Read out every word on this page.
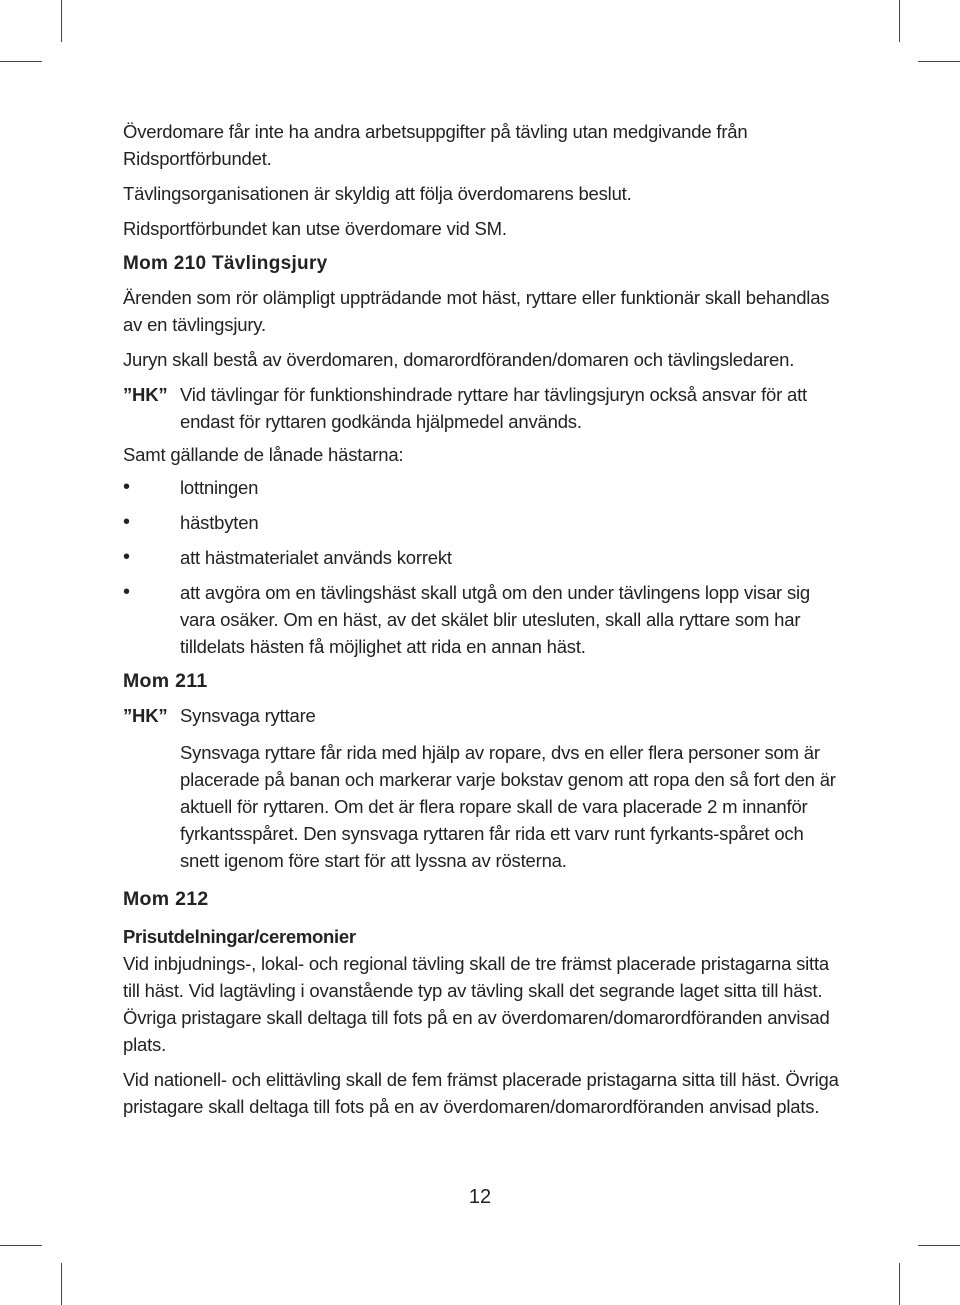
Överdomare får inte ha andra arbetsuppgifter på tävling utan medgivande från Ridsportförbundet.

Tävlingsorganisationen är skyldig att följa överdomarens beslut.

Ridsportförbundet kan utse överdomare vid SM.

Mom 210 Tävlingsjury

Ärenden som rör olämpligt uppträdande mot häst, ryttare eller funktionär skall behandlas av en tävlingsjury.

Juryn skall bestå av överdomaren, domarordföranden/domaren och tävlingsledaren.

”HK” Vid tävlingar för funktionshindrade ryttare har tävlingsjuryn också ansvar för att endast för ryttaren godkända hjälpmedel används.

Samt gällande de lånade hästarna:

•	lottningen
•	hästbyten
•	att hästmaterialet används korrekt
•	att avgöra om en tävlingshäst skall utgå om den under tävlingens lopp visar sig vara osäker. Om en häst, av det skälet blir utesluten, skall alla ryttare som har tilldelats hästen få möjlighet att rida en annan häst.
Mom 211
”HK” Synsvaga ryttare

Synsvaga ryttare får rida med hjälp av ropare, dvs en eller flera personer som är placerade på banan och markerar varje bokstav genom att ropa den så fort den är aktuell för ryttaren. Om det är flera ropare skall de vara placerade 2 m innanför fyrkantsspåret. Den synsvaga ryttaren får rida ett varv runt fyrkants-spåret och snett igenom före start för att lyssna av rösterna.

Mom 212
Prisutdelningar/ceremonier

Vid inbjudnings-, lokal- och regional tävling skall de tre främst placerade pristagarna sitta till häst. Vid lagtävling i ovanstående typ av tävling skall det segrande laget sitta till häst. Övriga pristagare skall deltaga till fots på en av överdomaren/domarordföranden anvisad plats.

Vid nationell- och elittävling skall de fem främst placerade pristagarna sitta till häst. Övriga pristagare skall deltaga till fots på en av överdomaren/domarordföranden anvisad plats.

12
